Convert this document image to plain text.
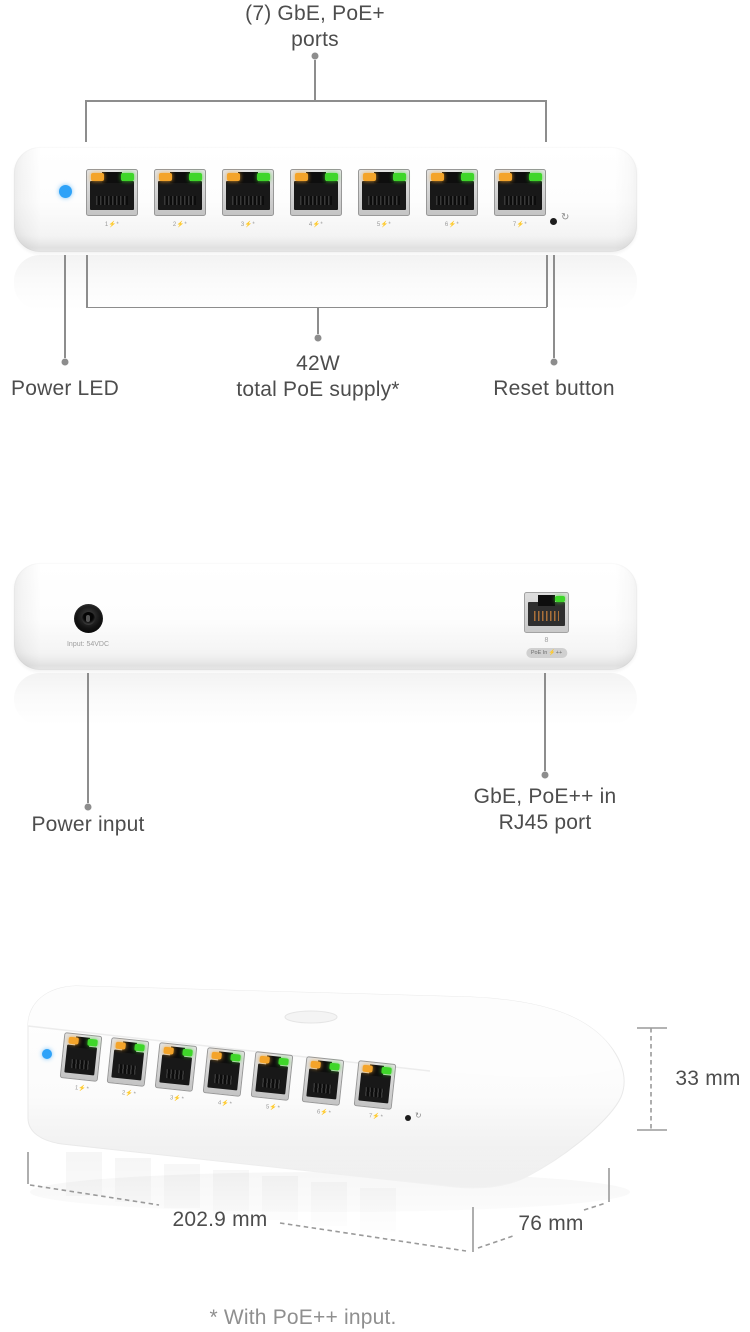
(7) GbE, PoE+
ports
1⚡*	2⚡*	3⚡*	4⚡*	5⚡*	6⚡*	7⚡*
↻
Power LED
42W
total PoE supply*	Reset button
Input: 54VDC
8
PoE In ⚡++
Power input
GbE, PoE++ in
RJ45 port
1⚡*
2⚡*
3⚡*
4⚡*
5⚡*
6⚡*
7⚡*	↻
33 mm
202.9 mm	76 mm
* With PoE++ input.
